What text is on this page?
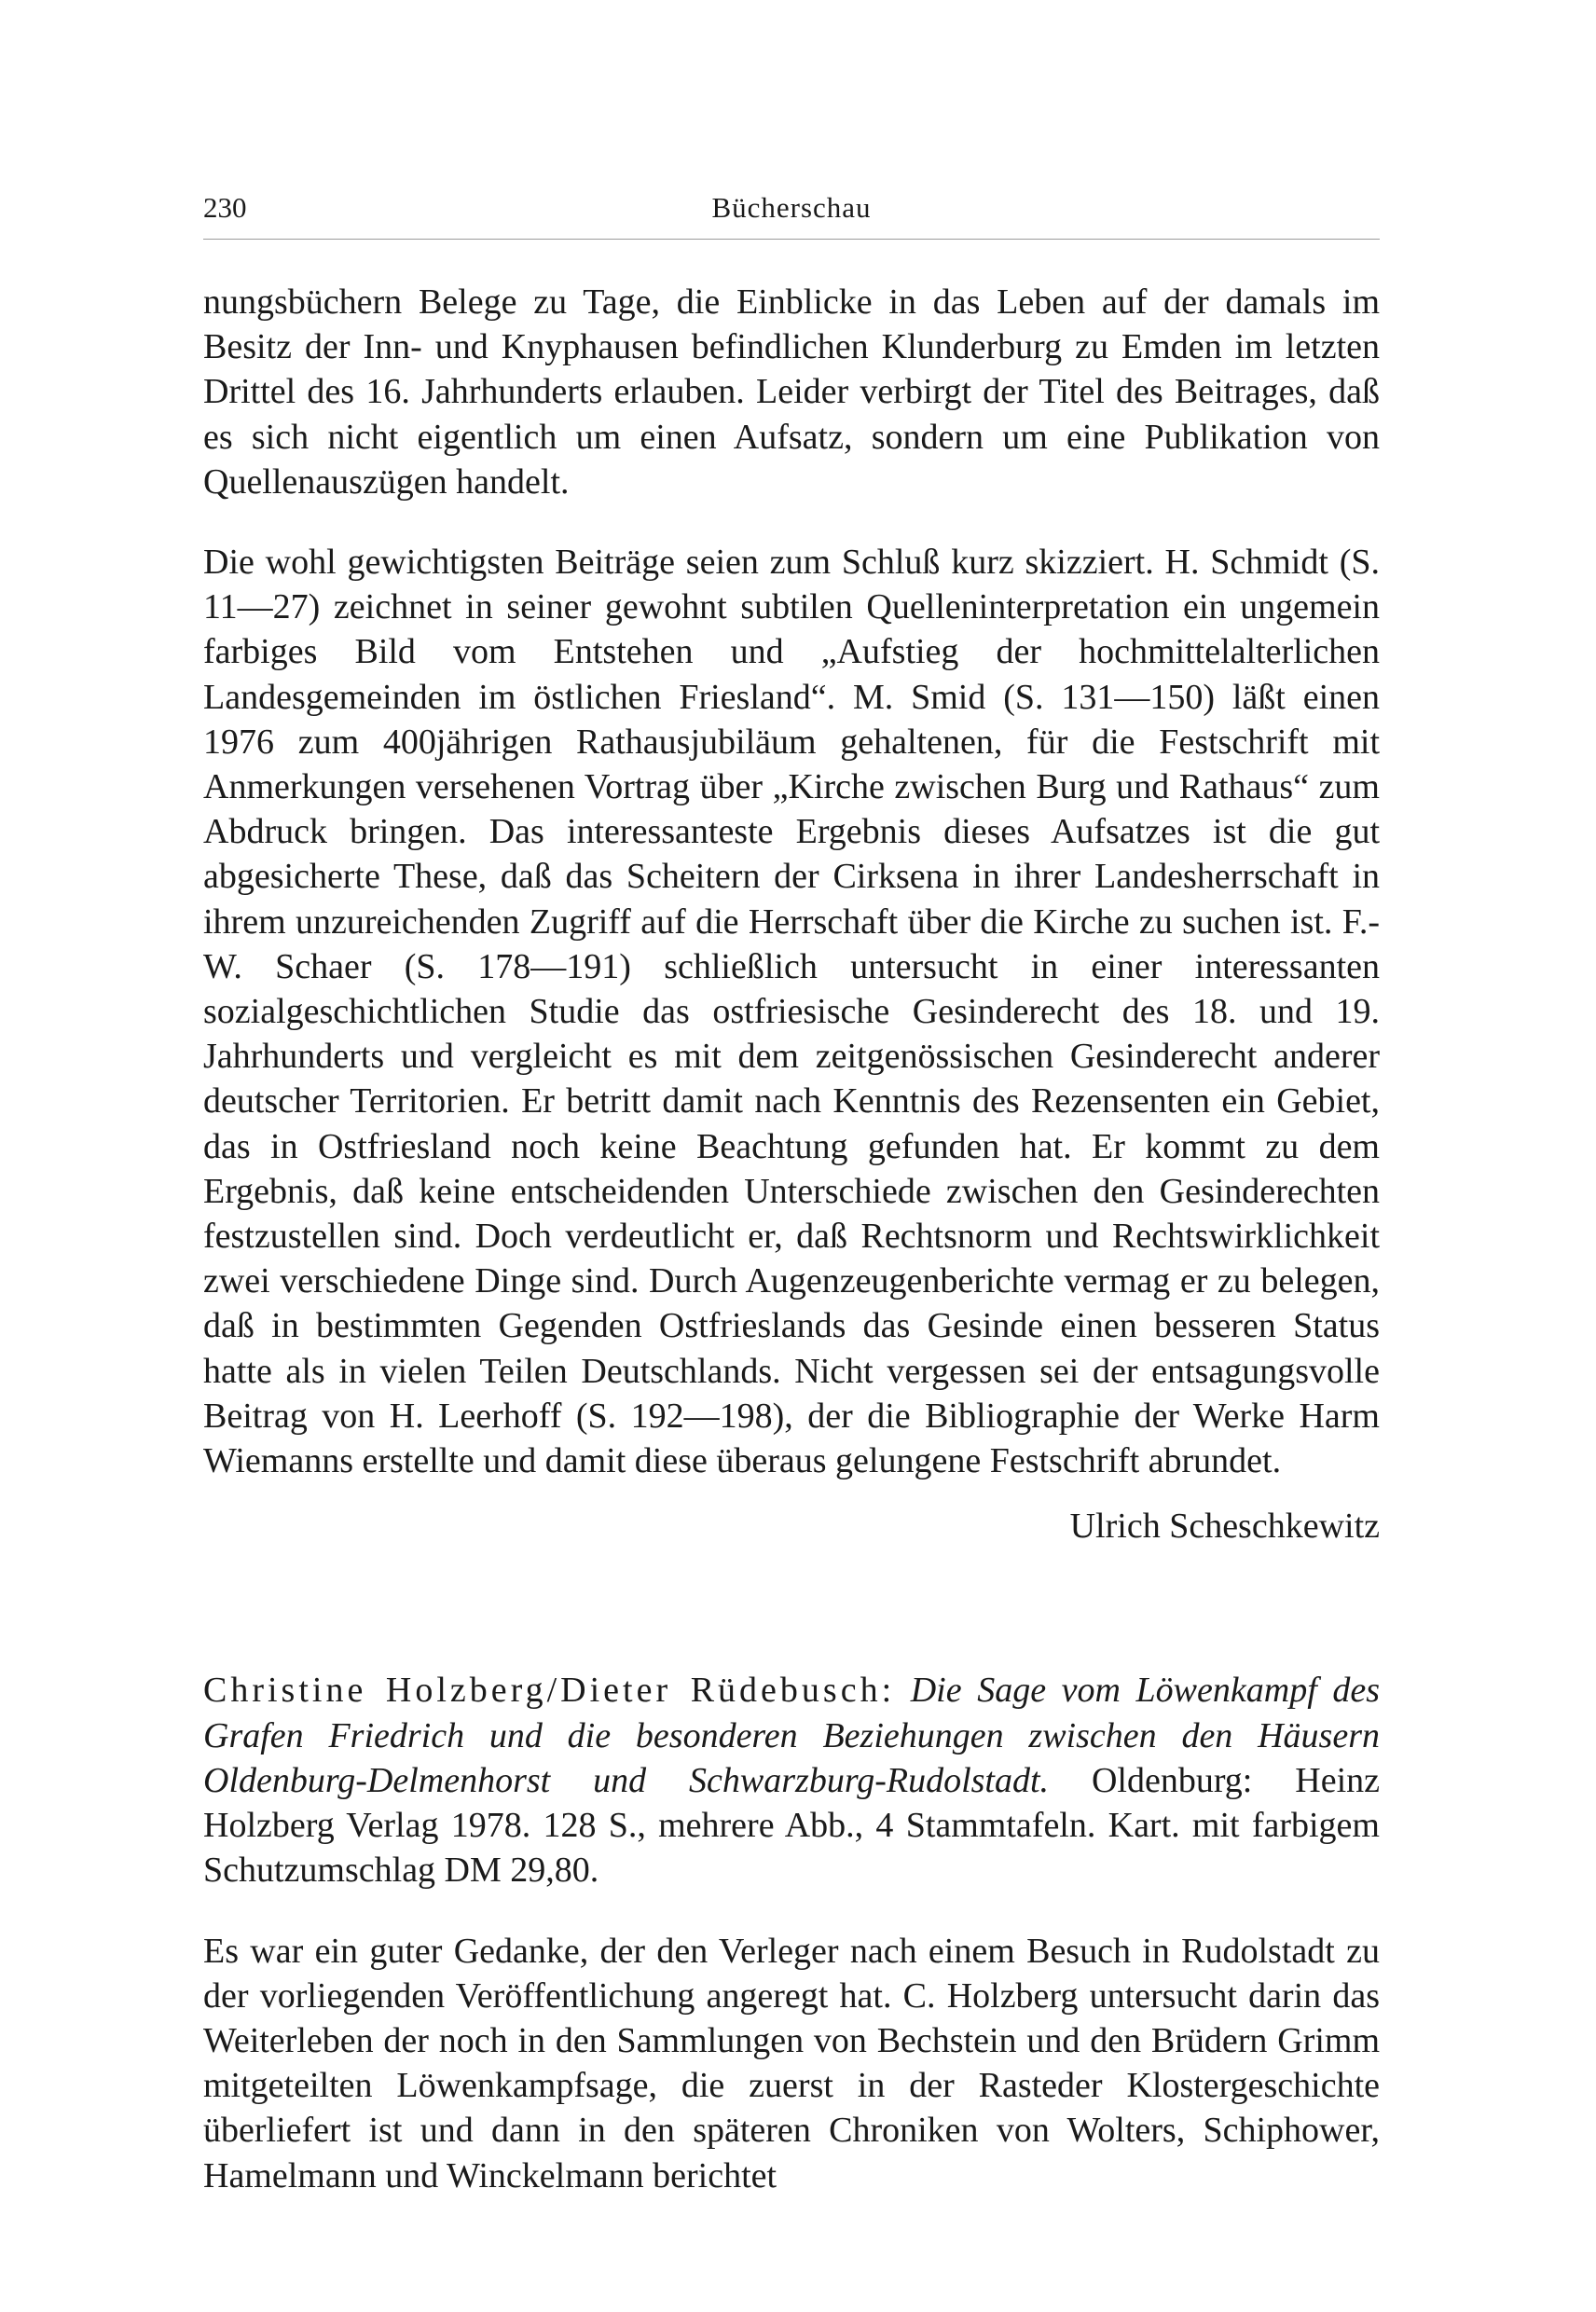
230	Bücherschau

nungsbüchern Belege zu Tage, die Einblicke in das Leben auf der damals im Besitz der Inn- und Knyphausen befindlichen Klunderburg zu Emden im letzten Drittel des 16. Jahrhunderts erlauben. Leider verbirgt der Titel des Beitrages, daß es sich nicht eigentlich um einen Aufsatz, sondern um eine Publikation von Quellenauszügen handelt.

Die wohl gewichtigsten Beiträge seien zum Schluß kurz skizziert. H. Schmidt (S. 11—27) zeichnet in seiner gewohnt subtilen Quelleninterpretation ein ungemein farbiges Bild vom Entstehen und „Aufstieg der hochmittelalterlichen Landesgemeinden im östlichen Friesland“. M. Smid (S. 131—150) läßt einen 1976 zum 400jährigen Rathausjubiläum gehaltenen, für die Festschrift mit Anmerkungen versehenen Vortrag über „Kirche zwischen Burg und Rathaus“ zum Abdruck bringen. Das interessanteste Ergebnis dieses Aufsatzes ist die gut abgesicherte These, daß das Scheitern der Cirksena in ihrer Landesherrschaft in ihrem unzureichenden Zugriff auf die Herrschaft über die Kirche zu suchen ist. F.-W. Schaer (S. 178—191) schließlich untersucht in einer interessanten sozialgeschichtlichen Studie das ostfriesische Gesinderecht des 18. und 19. Jahrhunderts und vergleicht es mit dem zeitgenössischen Gesinderecht anderer deutscher Territorien. Er betritt damit nach Kenntnis des Rezensenten ein Gebiet, das in Ostfriesland noch keine Beachtung gefunden hat. Er kommt zu dem Ergebnis, daß keine entscheidenden Unterschiede zwischen den Gesinderechten festzustellen sind. Doch verdeutlicht er, daß Rechtsnorm und Rechtswirklichkeit zwei verschiedene Dinge sind. Durch Augenzeugenberichte vermag er zu belegen, daß in bestimmten Gegenden Ostfrieslands das Gesinde einen besseren Status hatte als in vielen Teilen Deutschlands. Nicht vergessen sei der entsagungsvolle Beitrag von H. Leerhoff (S. 192—198), der die Bibliographie der Werke Harm Wiemanns erstellte und damit diese überaus gelungene Festschrift abrundet.

Ulrich Scheschkewitz

Christine Holzberg/Dieter Rüdebusch: Die Sage vom Löwenkampf des Grafen Friedrich und die besonderen Beziehungen zwischen den Häusern Oldenburg-Delmenhorst und Schwarzburg-Rudolstadt. Oldenburg: Heinz Holzberg Verlag 1978. 128 S., mehrere Abb., 4 Stammtafeln. Kart. mit farbigem Schutzumschlag DM 29,80.

Es war ein guter Gedanke, der den Verleger nach einem Besuch in Rudolstadt zu der vorliegenden Veröffentlichung angeregt hat. C. Holzberg untersucht darin das Weiterleben der noch in den Sammlungen von Bechstein und den Brüdern Grimm mitgeteilten Löwenkampfsage, die zuerst in der Rasteder Klostergeschichte überliefert ist und dann in den späteren Chroniken von Wolters, Schiphower, Hamelmann und Winckelmann berichtet
